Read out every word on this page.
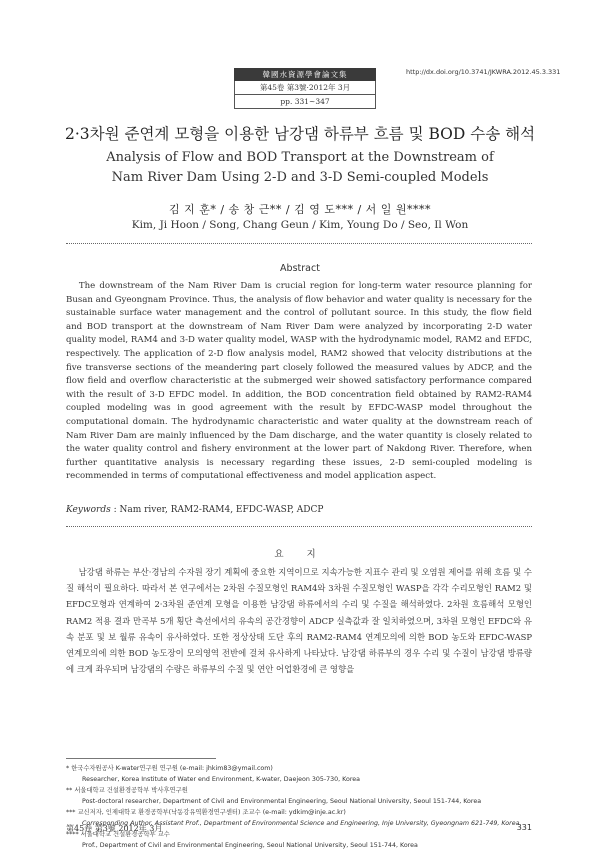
韓國水資源學會論文集
第45卷 第3號·2012年 3月
pp. 331~347
http://dx.doi.org/10.3741/JKWRA.2012.45.3.331
2·3차원 준연계 모형을 이용한 남강댐 하류부 흐름 및 BOD 수송 해석
Analysis of Flow and BOD Transport at the Downstream of
Nam River Dam Using 2-D and 3-D Semi-coupled Models
김 지 훈* / 송 창 근** / 김 영 도*** / 서 일 원****
Kim, Ji Hoon / Song, Chang Geun / Kim, Young Do / Seo, Il Won
Abstract
The downstream of the Nam River Dam is crucial region for long-term water resource planning for Busan and Gyeongnam Province. Thus, the analysis of flow behavior and water quality is necessary for the sustainable surface water management and the control of pollutant source. In this study, the flow field and BOD transport at the downstream of Nam River Dam were analyzed by incorporating 2-D water quality model, RAM4 and 3-D water quality model, WASP with the hydrodynamic model, RAM2 and EFDC, respectively. The application of 2-D flow analysis model, RAM2 showed that velocity distributions at the five transverse sections of the meandering part closely followed the measured values by ADCP, and the flow field and overflow characteristic at the submerged weir showed satisfactory performance compared with the result of 3-D EFDC model. In addition, the BOD concentration field obtained by RAM2-RAM4 coupled modeling was in good agreement with the result by EFDC-WASP model throughout the computational domain. The hydrodynamic characteristic and water quality at the downstream reach of Nam River Dam are mainly influenced by the Dam discharge, and the water quantity is closely related to the water quality control and fishery environment at the lower part of Nakdong River. Therefore, when further quantitative analysis is necessary regarding these issues, 2-D semi-coupled modeling is recommended in terms of computational effectiveness and model application aspect.
Keywords : Nam river, RAM2-RAM4, EFDC-WASP, ADCP
요 지
남강댐 하류는 부산·경남의 수자원 장기 계획에 중요한 지역이므로 지속가능한 지표수 관리 및 오염원 제어를 위해 흐름 및 수질 해석이 필요하다. 따라서 본 연구에서는 2차원 수질모형인 RAM4와 3차원 수질모형인 WASP을 각각 수리모형인 RAM2 및 EFDC모형과 연계하여 2·3차원 준연계 모형을 이용한 남강댐 하류에서의 수리 및 수질을 해석하였다. 2차원 흐름해석 모형인 RAM2 적용 결과 만곡부 5개 횡단 측선에서의 유속의 공간경향이 ADCP 실측값과 잘 일치하였으며, 3차원 모형인 EFDC와 유속 분포 및 보 월류 유속이 유사하였다. 또한 정상상태 도단 후의 RAM2-RAM4 연계모의에 의한 BOD 농도와 EFDC-WASP 연계모의에 의한 BOD 농도장이 모의영역 전반에 걸쳐 유사하게 나타났다. 남강댐 하류부의 경우 수리 및 수질이 남강댐 방류량에 크게 좌우되며 남강댐의 수량은 하류부의 수질 및 연안 어업환경에 큰 영향을
* 한국수자원공사 K-water연구원 연구원 (e-mail: jhkim83@ymail.com)
Researcher, Korea Institute of Water end Environment, K-water, Daejeon 305-730, Korea
** 서울대학교 건설환경공학부 박사후연구원
Post-doctoral researcher, Department of Civil and Environmental Engineering, Seoul National University, Seoul 151-744, Korea
*** 교신저자, 인제대학교 환경공학부(낙동강유역환경연구센터) 조교수 (e-mail: ydkim@inje.ac.kr)
Corresponding Author, Assistant Prof., Department of Environmental Science and Engineering, Inje University, Gyeongnam 621-749, Korea
**** 서울대학교 건설환경공학부 교수
Prof., Department of Civil and Environmental Engineering, Seoul National University, Seoul 151-744, Korea
第45卷 第3號 2012年 3月	331
